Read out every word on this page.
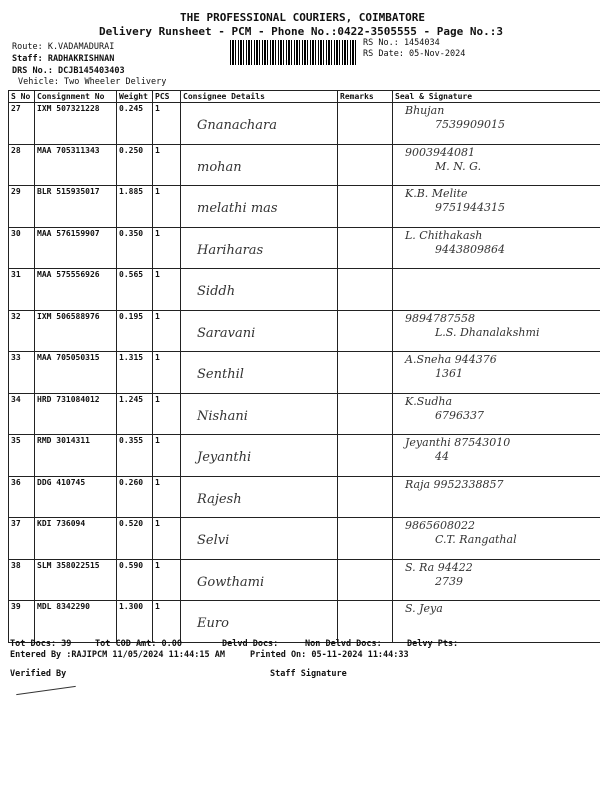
THE PROFESSIONAL COURIERS, COIMBATORE
Delivery Runsheet - PCM - Phone No.:0422-3505555 - Page No.:3
Route: K.VADAMADURAI
Staff: RADHAKRISHNAN
DRS No.: DCJB145403403
Vehicle: Two Wheeler Delivery
RS No.: 1454034
RS Date: 05-Nov-2024
S No	Consignment No	Weight	PCS	Consignee Details	Remarks	Seal & Signature
27	IXM 507321228	0.245	1	Gnanachara		Bhujan
7539909015

28	MAA 705311343	0.250	1	mohan		9003944081
M. N. G.

29	BLR 515935017	1.885	1	melathi mas		K.B. Melite
9751944315

30	MAA 576159907	0.350	1	Hariharas		L. Chithakash
9443809864

31	MAA 575556926	0.565	1	Siddh		

32	IXM 506588976	0.195	1	Saravani		9894787558
L.S. Dhanalakshmi

33	MAA 705050315	1.315	1	Senthil		A.Sneha 944376
1361

34	HRD 731084012	1.245	1	Nishani		K.Sudha
6796337

35	RMD 3014311	0.355	1	Jeyanthi		Jeyanthi 87543010
44

36	DDG 410745	0.260	1	Rajesh		Raja 9952338857

37	KDI 736094	0.520	1	Selvi		9865608022
C.T. Rangathal

38	SLM 358022515	0.590	1	Gowthami		S. Ra 94422
2739

39	MDL 8342290	1.300	1	Euro		S. Jeya
Tot Docs: 39	Tot COD Amt: 0.00	Delvd Docs:	Non Delvd Docs:	Delvy Pts:
Entered By :RAJIPCM 11/05/2024 11:44:15 AM	Printed On: 05-11-2024 11:44:33
Verified By	Staff Signature
